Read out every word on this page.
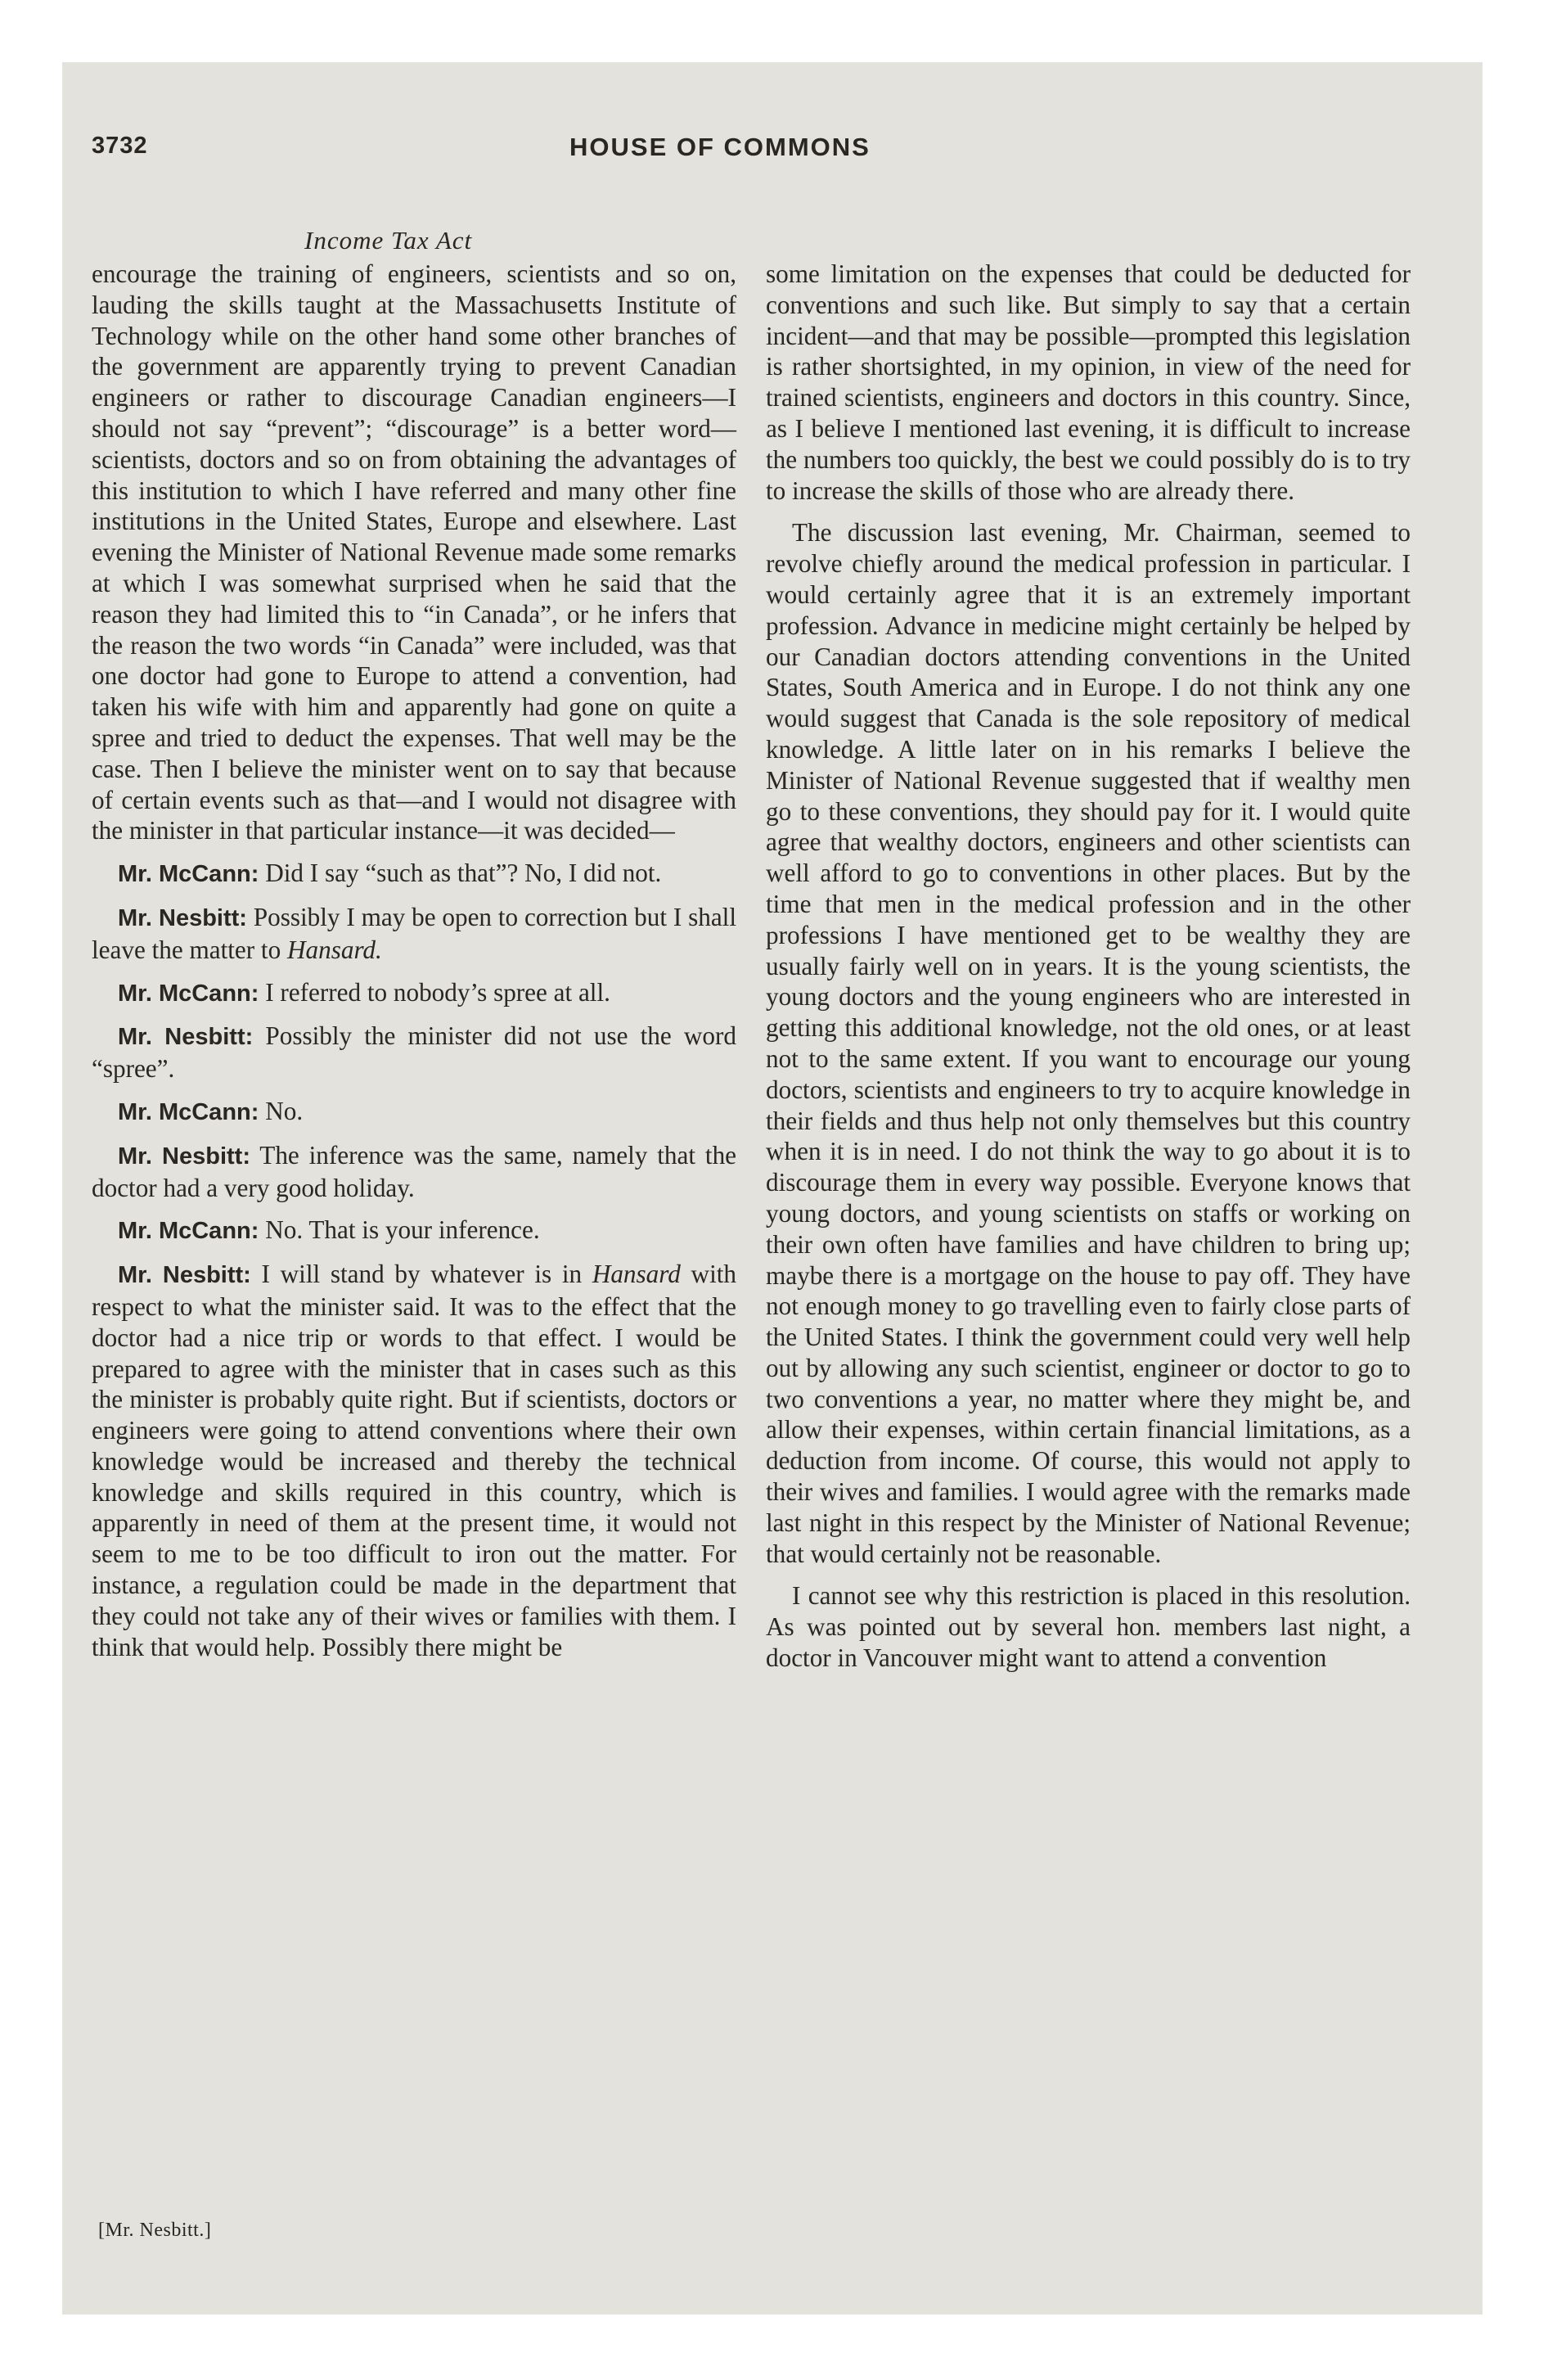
3732	HOUSE OF COMMONS
Income Tax Act

encourage the training of engineers, scientists and so on, lauding the skills taught at the Massachusetts Institute of Technology while on the other hand some other branches of the government are apparently trying to prevent Canadian engineers or rather to discourage Canadian engineers—I should not say “prevent”; “discourage” is a better word—scientists, doctors and so on from obtaining the advantages of this institution to which I have referred and many other fine institutions in the United States, Europe and elsewhere. Last evening the Minister of National Revenue made some remarks at which I was somewhat surprised when he said that the reason they had limited this to “in Canada”, or he infers that the reason the two words “in Canada” were included, was that one doctor had gone to Europe to attend a convention, had taken his wife with him and apparently had gone on quite a spree and tried to deduct the expenses. That well may be the case. Then I believe the minister went on to say that because of certain events such as that—and I would not disagree with the minister in that particular instance—it was decided—

Mr. McCann: Did I say “such as that”? No, I did not.

Mr. Nesbitt: Possibly I may be open to correction but I shall leave the matter to Hansard.

Mr. McCann: I referred to nobody’s spree at all.

Mr. Nesbitt: Possibly the minister did not use the word “spree”.

Mr. McCann: No.

Mr. Nesbitt: The inference was the same, namely that the doctor had a very good holiday.

Mr. McCann: No. That is your inference.

Mr. Nesbitt: I will stand by whatever is in Hansard with respect to what the minister said. It was to the effect that the doctor had a nice trip or words to that effect. I would be prepared to agree with the minister that in cases such as this the minister is probably quite right. But if scientists, doctors or engineers were going to attend conventions where their own knowledge would be increased and thereby the technical knowledge and skills required in this country, which is apparently in need of them at the present time, it would not seem to me to be too difficult to iron out the matter. For instance, a regulation could be made in the department that they could not take any of their wives or families with them. I think that would help. Possibly there might be

some limitation on the expenses that could be deducted for conventions and such like. But simply to say that a certain incident—and that may be possible—prompted this legislation is rather shortsighted, in my opinion, in view of the need for trained scientists, engineers and doctors in this country. Since, as I believe I mentioned last evening, it is difficult to increase the numbers too quickly, the best we could possibly do is to try to increase the skills of those who are already there.

The discussion last evening, Mr. Chairman, seemed to revolve chiefly around the medical profession in particular. I would certainly agree that it is an extremely important profession. Advance in medicine might certainly be helped by our Canadian doctors attending conventions in the United States, South America and in Europe. I do not think any one would suggest that Canada is the sole repository of medical knowledge. A little later on in his remarks I believe the Minister of National Revenue suggested that if wealthy men go to these conventions, they should pay for it. I would quite agree that wealthy doctors, engineers and other scientists can well afford to go to conventions in other places. But by the time that men in the medical profession and in the other professions I have mentioned get to be wealthy they are usually fairly well on in years. It is the young scientists, the young doctors and the young engineers who are interested in getting this additional knowledge, not the old ones, or at least not to the same extent. If you want to encourage our young doctors, scientists and engineers to try to acquire knowledge in their fields and thus help not only themselves but this country when it is in need. I do not think the way to go about it is to discourage them in every way possible. Everyone knows that young doctors, and young scientists on staffs or working on their own often have families and have children to bring up; maybe there is a mortgage on the house to pay off. They have not enough money to go travelling even to fairly close parts of the United States. I think the government could very well help out by allowing any such scientist, engineer or doctor to go to two conventions a year, no matter where they might be, and allow their expenses, within certain financial limitations, as a deduction from income. Of course, this would not apply to their wives and families. I would agree with the remarks made last night in this respect by the Minister of National Revenue; that would certainly not be reasonable.

I cannot see why this restriction is placed in this resolution. As was pointed out by several hon. members last night, a doctor in Vancouver might want to attend a convention

[Mr. Nesbitt.]
